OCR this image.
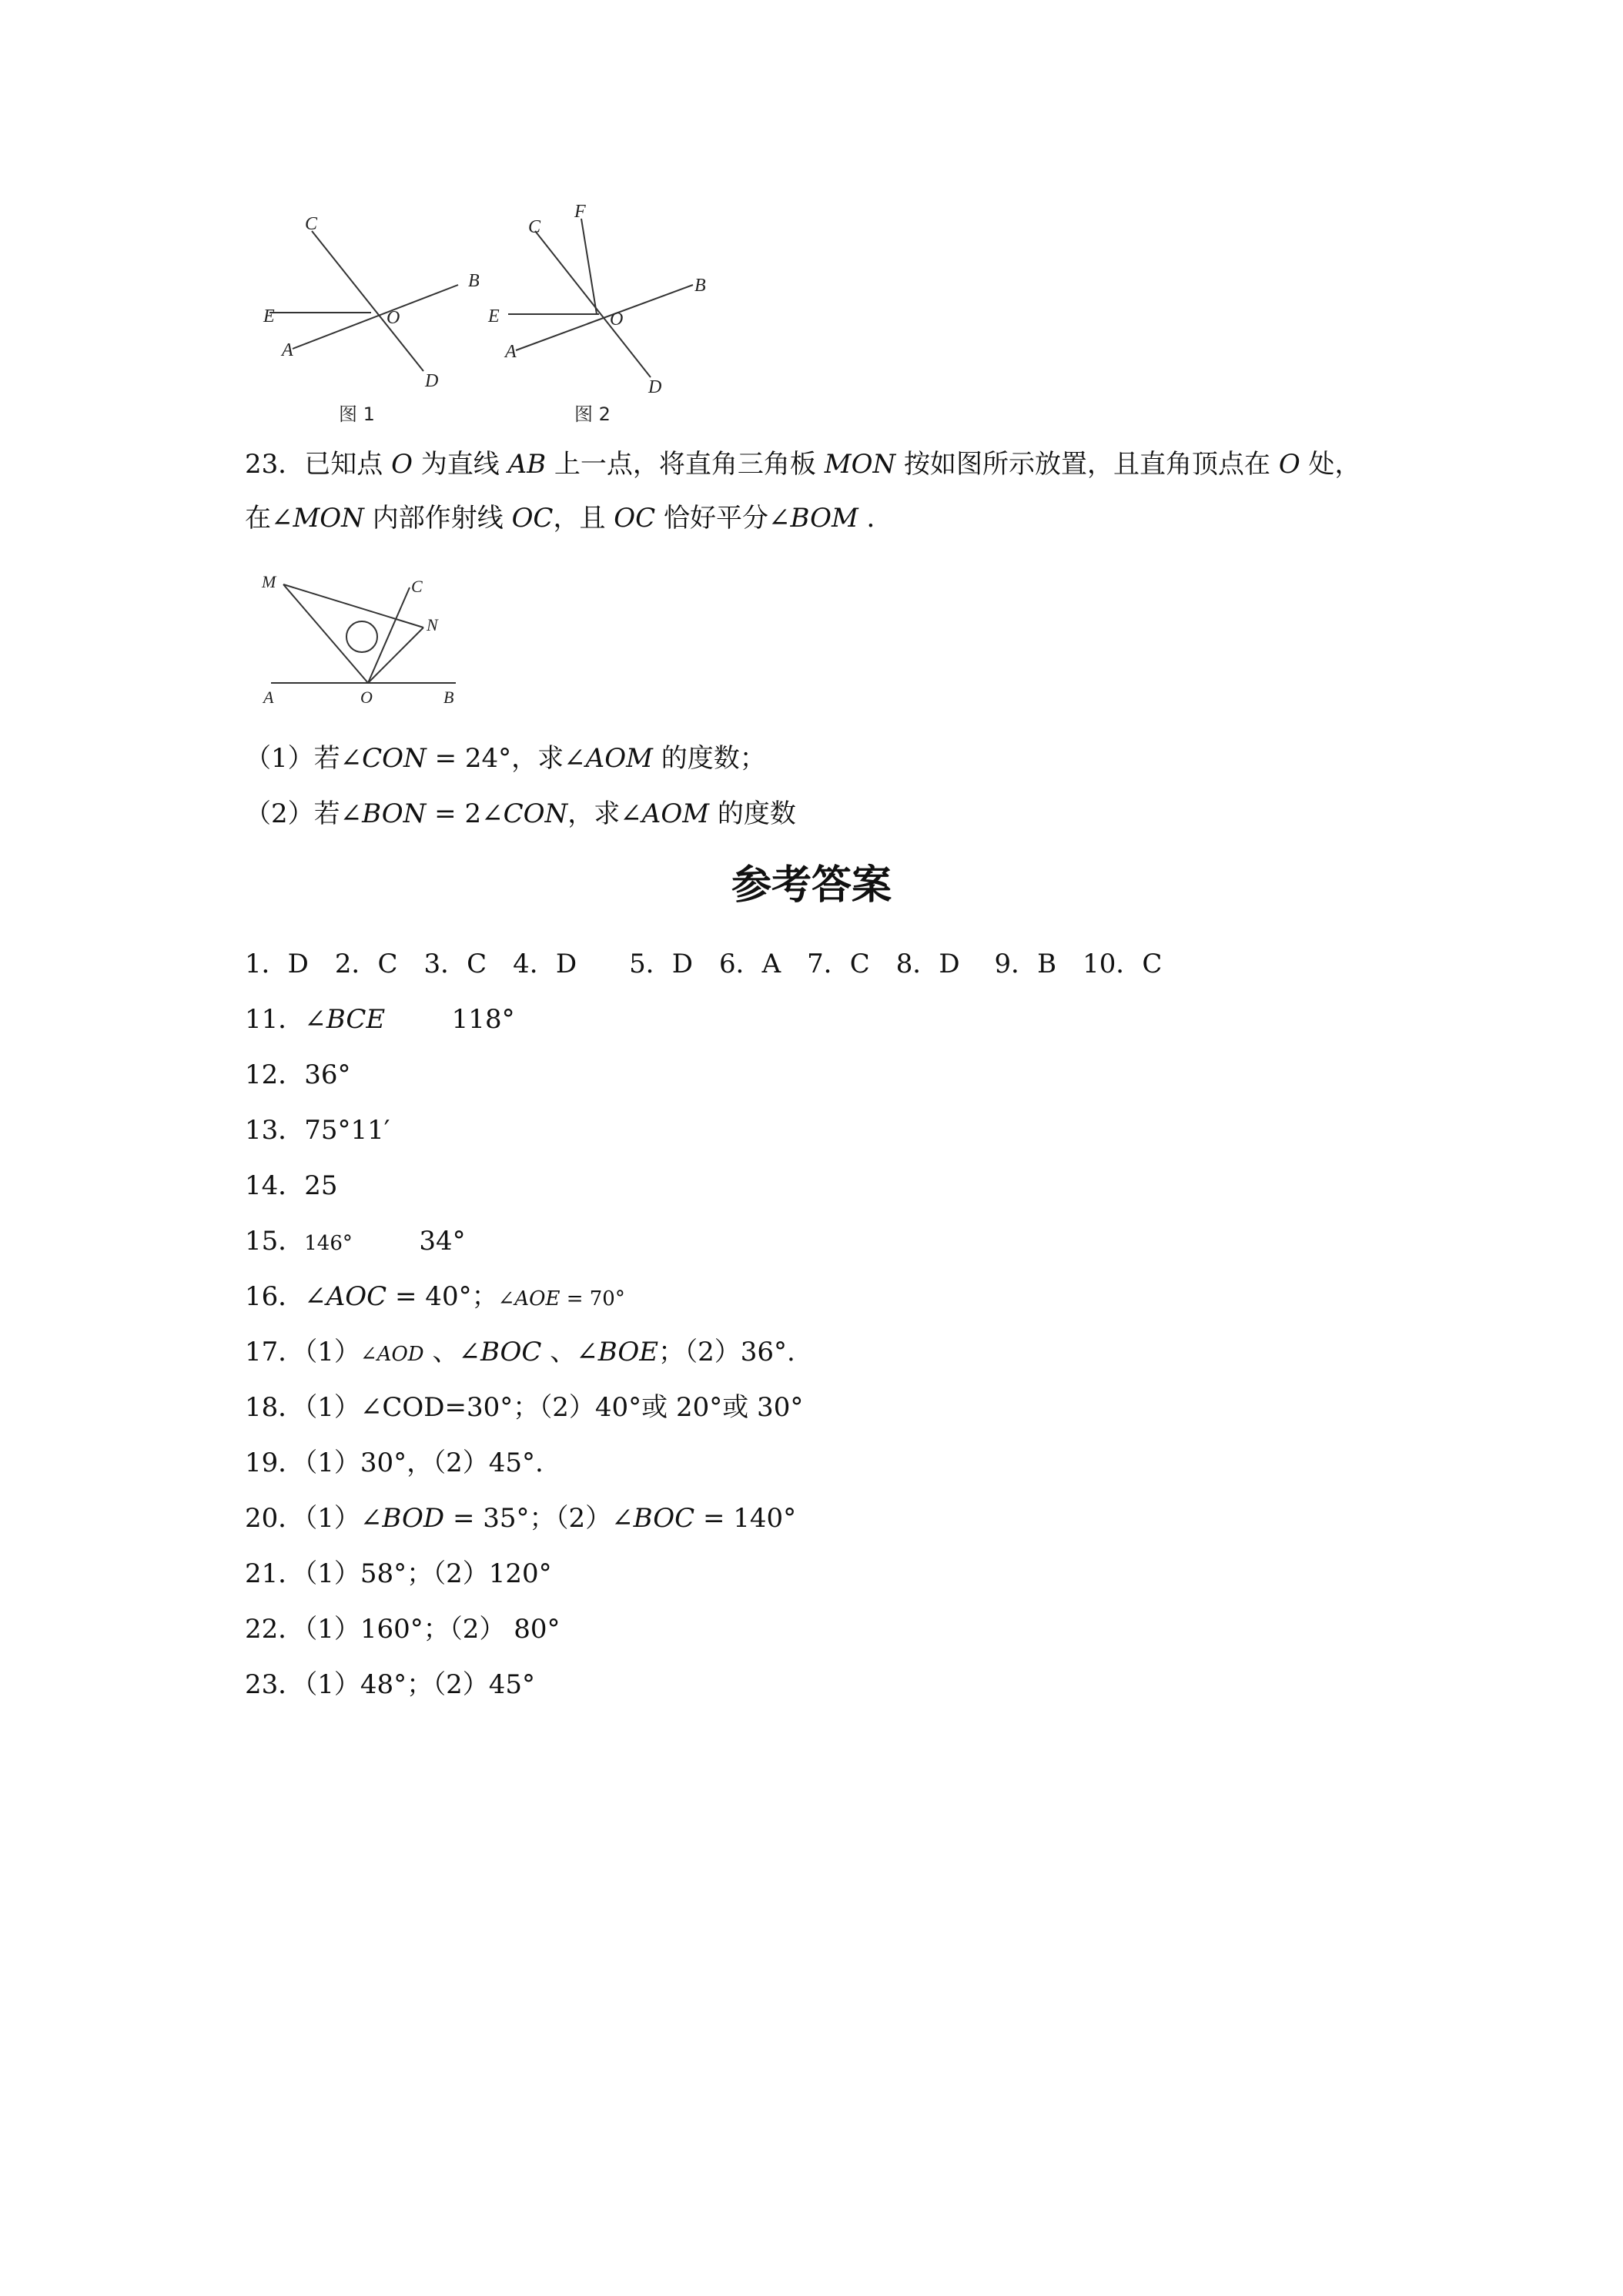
C
B
E	O
A
D
图 1
C
F
B
E	O
A
D
图 2
23．已知点 O 为直线 AB 上一点，将直角三角板 MON 按如图所示放置，且直角顶点在 O 处，
在∠MON 内部作射线 OC，且 OC 恰好平分∠BOM ．
M	C
N
A	O	B
（1）若∠CON = 24°，求∠AOM 的度数；
（2）若∠BON = 2∠CON，求∠AOM 的度数
参考答案
1．D　2．C　3．C　4．D　　5．D　6．A　7．C　8．D　 9．B　10．C
11．∠BCE        118°
12．36°
13．75°11′
14．25
15．146°        34°
16．∠AOC = 40°；∠AOE = 70°
17．（1）∠AOD 、∠BOC 、∠BOE；（2）36°.
18．（1）∠COD=30°；（2）40°或 20°或 30°
19．（1）30°，（2）45°.
20．（1）∠BOD = 35°；（2）∠BOC = 140°
21．（1）58°；（2）120°
22．（1）160°；（2） 80°
23．（1）48°；（2）45°
